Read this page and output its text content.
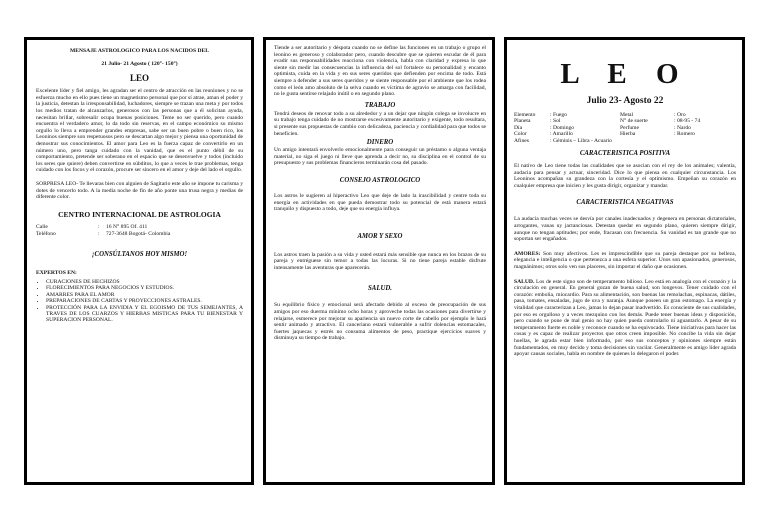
MENSAJE ASTROLOGICO PARA LOS NACIDOS DEL

21 Julio- 21 Agosto ( 120°- 150°)

LEO

Excelente líder y fiel amigo, les agradan ser el centro de atracción en las reuniones y no se esfuerza mucho en ello pues tiene un magnetismo personal que por sí atrae, aman el poder y la justicia, detestan la irresponsabilidad, luchadores, siempre se trazan una meta y por todos los medios tratan de alcanzarlos, generosos con las personas que a él solicitan ayuda, necesitan brillar, sobresalir ocupa buenas posiciones. Teme no ser querido, pero cuando encuentra el verdadero amor, lo da todo sin reservas, en el campo económico su mismo orgullo lo lleva a emprender grandes empresas, sabe ser un buen pobre o buen rico, los Leoninos siempre son respetuosos pero se descartan algo mejor y piensa una oportunidad de demostrar sus conocimientos. El amor para Leo es la fuerza capaz de convertirlo en un número uno, pero tanga cuidado con la vanidad, que es el punto débil de su comportamiento, pretende ser soberano en el espacio que se desenvuelve y todos (incluido los seres que quiere) deben convertirse en súbditos, lo que a veces le trae problemas, tenga cuidado con los focos y el corazón, procure ser sincero en el amor y deje del lado el orgullo.

SORPRESA LEO- Te llevaras bien con alguien de Sagitario este año se impone tu carisma y dotes de vencerlo todo. A la media noche de fin de año ponte una trusa negra y medias de diferente color.

CENTRO INTERNACIONAL DE ASTROLOGIA

Calle	:	16 N° 895 Of. 411
Teléfono	:	727-3648 Bogotá- Colombia

¡CONSÚLTANOS HOY MISMO!

EXPERTOS EN:

• CURACIONES DE HECHIZOS
• FLORECIMIENTOS PARA NEGOCIOS Y ESTUDIOS.
• AMARRES PARA EL AMOR
• PREPARACIONES DE CARTAS Y PROYECCIONES ASTRALES.
• PROTECCIÓN PARA LA ENVIDIA Y EL EGOISMO DE TUS SEMEJANTES, A TRAVES DE LOS CUARZOS Y HIERBAS MISTICAS PARA TU BIENESTAR Y SUPERACION PERSONAL.

Tiende a ser autoritario y déspota cuando no se define las funciones en un trabajo o grupo el leonino es generoso y colaborador pero, cuando descubre que se quieren escudar de él para evadir sus responsabilidades reacciona con violencia, habla con claridad y expresa lo que siente sin medir las consecuencias la influencia del sol fortalece su personalidad y encanto optimista, cuida en la vida y en sus seres queridos que defienden por encima de todo. Está siempre a defender a sus seres queridos y se siente responsable por el ambiente que los rodea como el león amo absoluto de la selva cuando es víctima de agravio se amarga con facilidad, no le gusta sentirse relajado inútil o en segundo plano.

TRABAJO

Tendrá deseos de renovar todo a su alrededor y a un dejar que ningún colega se involucre en su trabajo tenga cuidado de no mostrarse excesivamente autoritario y exigente, todo resultara, si presente sus propuestas de cambio con delicadeza, paciencia y cordialidad para que todos se beneficien.

DINERO

Un amigo intentará envolverlo emocionalmente para conseguir un préstamo o alguna ventaja material, no siga el juego ni lleve que aprenda a decir no, su disciplina en el control de su presupuesto y sus problemas financieros terminarán cosa del pasado.

CONSEJO ASTROLOGICO

Los astros le sugieren al hiperactivo Leo que deje de lado la irascibilidad y centre toda su energía en actividades en que pueda demostrar todo su potencial de está manera estará tranquilo y dispuesto a todo, deje que su energía influya.

AMOR Y SEXO

Los astros traen la pasión a su vida y usted estará más sensible que nunca en los brazos de su pareja y entréguese sin temor a todas las locuras. Si no tiene pareja estable disfrute intensamente las aventuras que aparecerán.

SALUD.

Su equilibrio físico y emocional será afectado debido al exceso de preocupación de sus amigos por eso duerma mínimo ocho horas y aproveche todas las ocasiones para divertirse y relajarse, esmerece por mejorar su apariencia un nuevo corte de cabello por ejemplo le hará sentir animado y atractivo. El cancerìano estará vulnerable a sufrir dolencias estomacales, fuertes jaquecas y estrés no consuma alimentos de peso, practique ejercicios suaves y disminuya su tiempo de trabajo.

L E O
Julio 23- Agosto 22
Elemento	: Fuego	Metal	: Oro
Planeta	: Sol	N° de suerte	: 08-95 - 74
Día	: Domingo	Perfume	: Nardo
Color	: Amarillo	Hierba	: Romero
Afines	: Géminis – Libra - Acuario		

CARACTERISTICA POSITIVA

El nativo de Leo tiene todas las cualidades que se asocian con el rey de los animales; valentía, audacia para pensar y actuar, sinceridad. Dice lo que piensa en cualquier circunstancia. Los Leoninos acompañan su grandeza con la cortesía y el optimismo. Empeñan su corazón en cualquier empresa que inicien y les gusta dirigir, organizar y mandar.

CARACTERISTICA NEGATIVAS

La audacia muchas veces se desvía por canales inadecuados y degenera en personas dictatoriales, arrogantes, vanas uy jactanciosas. Detestan quedar en segundo plano, quieren siempre dirigir, aunque no tengan aptitudes; por ende, fracasan con frecuencia. Su vanidad es tan grande que no soportan ser engañados.

AMORES: Son muy afectivos. Les es imprescindible que su pareja destaque por su belleza, elegancia e inteligencia o que pertenezca a una esfera superior. Unos son apasionados, generosos, magnánimos; otros solo ven sus placeres, sin importar el daño que ocasionen.

SALUD. Los de este signo son de temperamento bilioso. Leo está en analogía con el corazón y la circulación en general. En general gozan de buena salud, son longevos. Tener cuidado con el corazón: embolia, miocardio. Para su alimentación, son buenas las remolachas, espinacas, dátiles, pasa, tomates, ensaladas, jugo de uva y naranja. Aunque poseen un gran estomago. La energía y vitalidad que caracterizan a Leo, jamas lo dejan pasar inadvertido. Es consciente de sus cualidades, por eso es orgulloso y a veces mezquino con los demás. Puede tener buenas ideas y disposición, pero cuando se pone de mal genio no hay quien pueda controlarlo ni aguantarlo. A pesar de su temperamento fuerte es noble y reconoce cuando se ha equivocado. Tiene iniciativas para hacer las cosas y es capaz de realizar proyectos que otros creen imposible. No concibe la vida sin dejar huellas, le agrada estar bien informado, por eso sus conceptos y opiniones siempre están fundamentados, en muy decido y toma decisiones sin vacilar. Generalmente es amigo líder agrada apoyar causas sociales, habla en nombre de quienes lo delegaron el poder.
